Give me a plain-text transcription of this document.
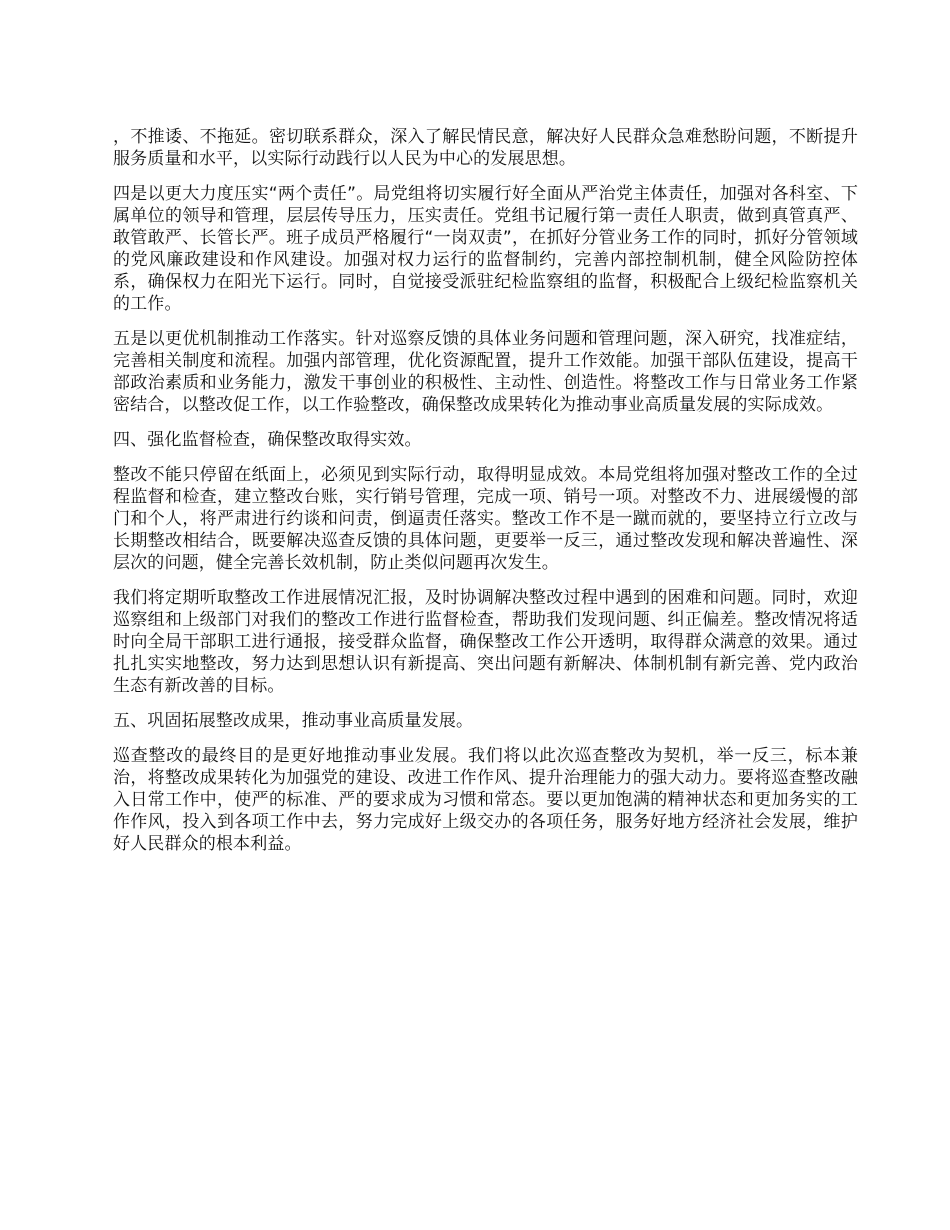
，不推诿、不拖延。密切联系群众，深入了解民情民意，解决好人民群众急难愁盼问题，不断提升服务质量和水平，以实际行动践行以人民为中心的发展思想。

四是以更大力度压实“两个责任”。局党组将切实履行好全面从严治党主体责任，加强对各科室、下属单位的领导和管理，层层传导压力，压实责任。党组书记履行第一责任人职责，做到真管真严、敢管敢严、长管长严。班子成员严格履行“一岗双责”，在抓好分管业务工作的同时，抓好分管领域的党风廉政建设和作风建设。加强对权力运行的监督制约，完善内部控制机制，健全风险防控体系，确保权力在阳光下运行。同时，自觉接受派驻纪检监察组的监督，积极配合上级纪检监察机关的工作。

五是以更优机制推动工作落实。针对巡察反馈的具体业务问题和管理问题，深入研究，找准症结，完善相关制度和流程。加强内部管理，优化资源配置，提升工作效能。加强干部队伍建设，提高干部政治素质和业务能力，激发干事创业的积极性、主动性、创造性。将整改工作与日常业务工作紧密结合，以整改促工作，以工作验整改，确保整改成果转化为推动事业高质量发展的实际成效。

四、强化监督检查，确保整改取得实效。

整改不能只停留在纸面上，必须见到实际行动，取得明显成效。本局党组将加强对整改工作的全过程监督和检查，建立整改台账，实行销号管理，完成一项、销号一项。对整改不力、进展缓慢的部门和个人，将严肃进行约谈和问责，倒逼责任落实。整改工作不是一蹴而就的，要坚持立行立改与长期整改相结合，既要解决巡查反馈的具体问题，更要举一反三，通过整改发现和解决普遍性、深层次的问题，健全完善长效机制，防止类似问题再次发生。

我们将定期听取整改工作进展情况汇报，及时协调解决整改过程中遇到的困难和问题。同时，欢迎巡察组和上级部门对我们的整改工作进行监督检查，帮助我们发现问题、纠正偏差。整改情况将适时向全局干部职工进行通报，接受群众监督，确保整改工作公开透明，取得群众满意的效果。通过扎扎实实地整改，努力达到思想认识有新提高、突出问题有新解决、体制机制有新完善、党内政治生态有新改善的目标。

五、巩固拓展整改成果，推动事业高质量发展。

巡查整改的最终目的是更好地推动事业发展。我们将以此次巡查整改为契机，举一反三，标本兼治，将整改成果转化为加强党的建设、改进工作作风、提升治理能力的强大动力。要将巡查整改融入日常工作中，使严的标准、严的要求成为习惯和常态。要以更加饱满的精神状态和更加务实的工作作风，投入到各项工作中去，努力完成好上级交办的各项任务，服务好地方经济社会发展，维护好人民群众的根本利益。
